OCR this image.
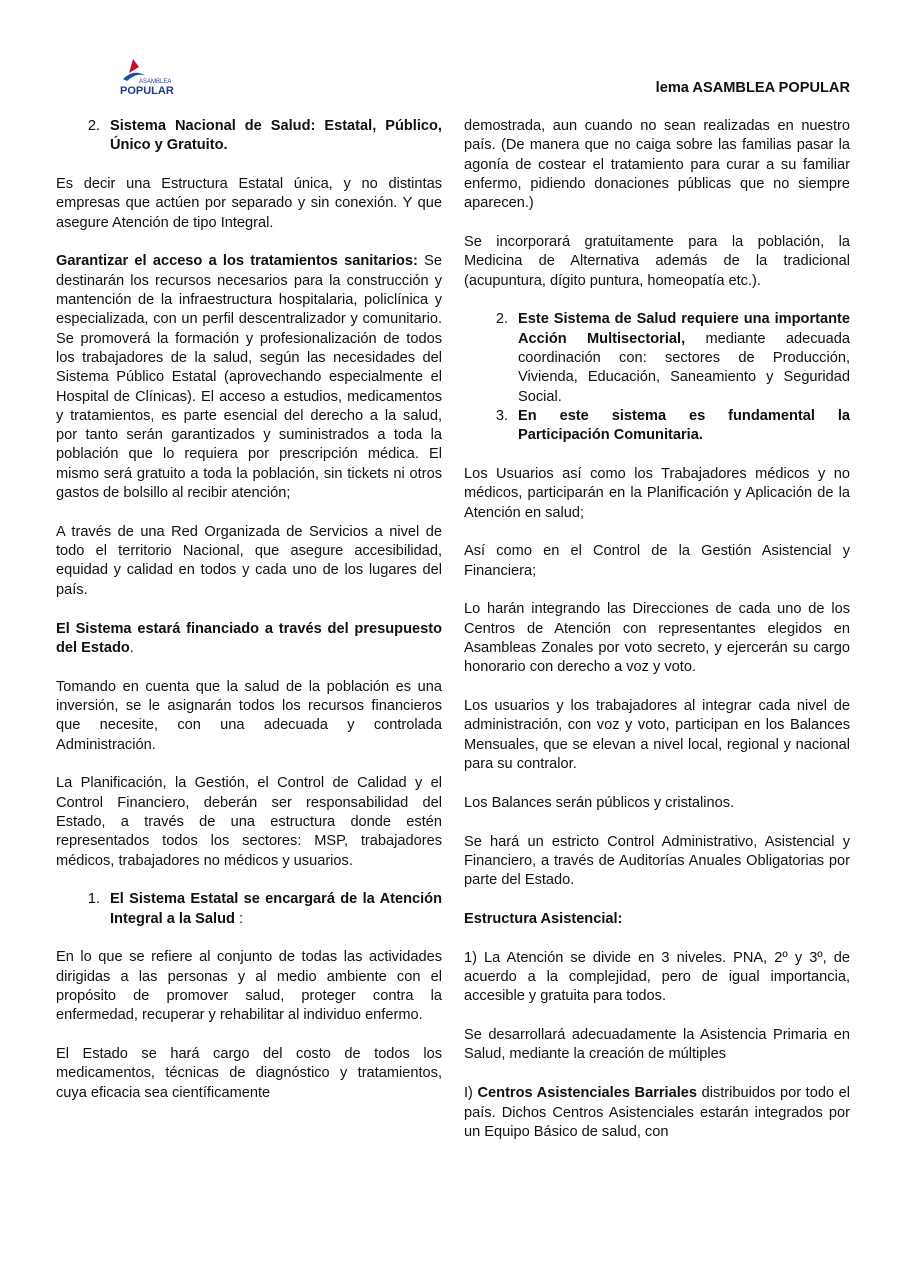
ASAMBLEA
POPULAR	lema ASAMBLEA POPULAR
2. Sistema Nacional de Salud: Estatal, Público, Único y Gratuito.

Es decir una Estructura Estatal única, y no distintas empresas que actúen por separado y sin conexión. Y que asegure Atención de tipo Integral.

Garantizar el acceso a los tratamientos sanitarios: Se destinarán los recursos necesarios para la construcción y mantención de la infraestructura hospitalaria, policlínica y especializada, con un perfil descentralizador y comunitario. Se promoverá la formación y profesionalización de todos los trabajadores de la salud, según las necesidades del Sistema Público Estatal (aprovechando especialmente el Hospital de Clínicas). El acceso a estudios, medicamentos y tratamientos, es parte esencial del derecho a la salud, por tanto serán garantizados y suministrados a toda la población que lo requiera por prescripción médica. El mismo será gratuito a toda la población, sin tickets ni otros gastos de bolsillo al recibir atención;

A través de una Red Organizada de Servicios a nivel de todo el territorio Nacional, que asegure accesibilidad, equidad y calidad en todos y cada uno de los lugares del país.

El Sistema estará financiado a través del presupuesto del Estado.

Tomando en cuenta que la salud de la población es una inversión, se le asignarán todos los recursos financieros que necesite, con una adecuada y controlada Administración.

La Planificación, la Gestión, el Control de Calidad y el Control Financiero, deberán ser responsabilidad del Estado, a través de una estructura donde estén representados todos los sectores: MSP, trabajadores médicos, trabajadores no médicos y usuarios.

1. El Sistema Estatal se encargará de la Atención Integral a la Salud :

En lo que se refiere al conjunto de todas las actividades dirigidas a las personas y al medio ambiente con el propósito de promover salud, proteger contra la enfermedad, recuperar y rehabilitar al individuo enfermo.

El Estado se hará cargo del costo de todos los medicamentos, técnicas de diagnóstico y tratamientos, cuya eficacia sea científicamente

demostrada, aun cuando no sean realizadas en nuestro país. (De manera que no caiga sobre las familias pasar la agonía de costear el tratamiento para curar a su familiar enfermo, pidiendo donaciones públicas que no siempre aparecen.)

Se incorporará gratuitamente para la población, la Medicina de Alternativa además de la tradicional (acupuntura, dígito puntura, homeopatía etc.).

2. Este Sistema de Salud requiere una importante Acción Multisectorial, mediante adecuada coordinación con: sectores de Producción, Vivienda, Educación, Saneamiento y Seguridad Social.
3. En este sistema es fundamental la Participación Comunitaria.

Los Usuarios así como los Trabajadores médicos y no médicos, participarán en la Planificación y Aplicación de la Atención en salud;

Así como en el Control de la Gestión Asistencial y Financiera;

Lo harán integrando las Direcciones de cada uno de los Centros de Atención con representantes elegidos en Asambleas Zonales por voto secreto, y ejercerán su cargo honorario con derecho a voz y voto.

Los usuarios y los trabajadores al integrar cada nivel de administración, con voz y voto, participan en los Balances Mensuales, que se elevan a nivel local, regional y nacional para su contralor.

Los Balances serán públicos y cristalinos.

Se hará un estricto Control Administrativo, Asistencial y Financiero, a través de Auditorías Anuales Obligatorias por parte del Estado.

Estructura Asistencial:

1) La Atención se divide en 3 niveles. PNA, 2º y 3º, de acuerdo a la complejidad, pero de igual importancia, accesible y gratuita para todos.

Se desarrollará adecuadamente la Asistencia Primaria en Salud, mediante la creación de múltiples

I) Centros Asistenciales Barriales distribuidos por todo el país. Dichos Centros Asistenciales estarán integrados por un Equipo Básico de salud, con
